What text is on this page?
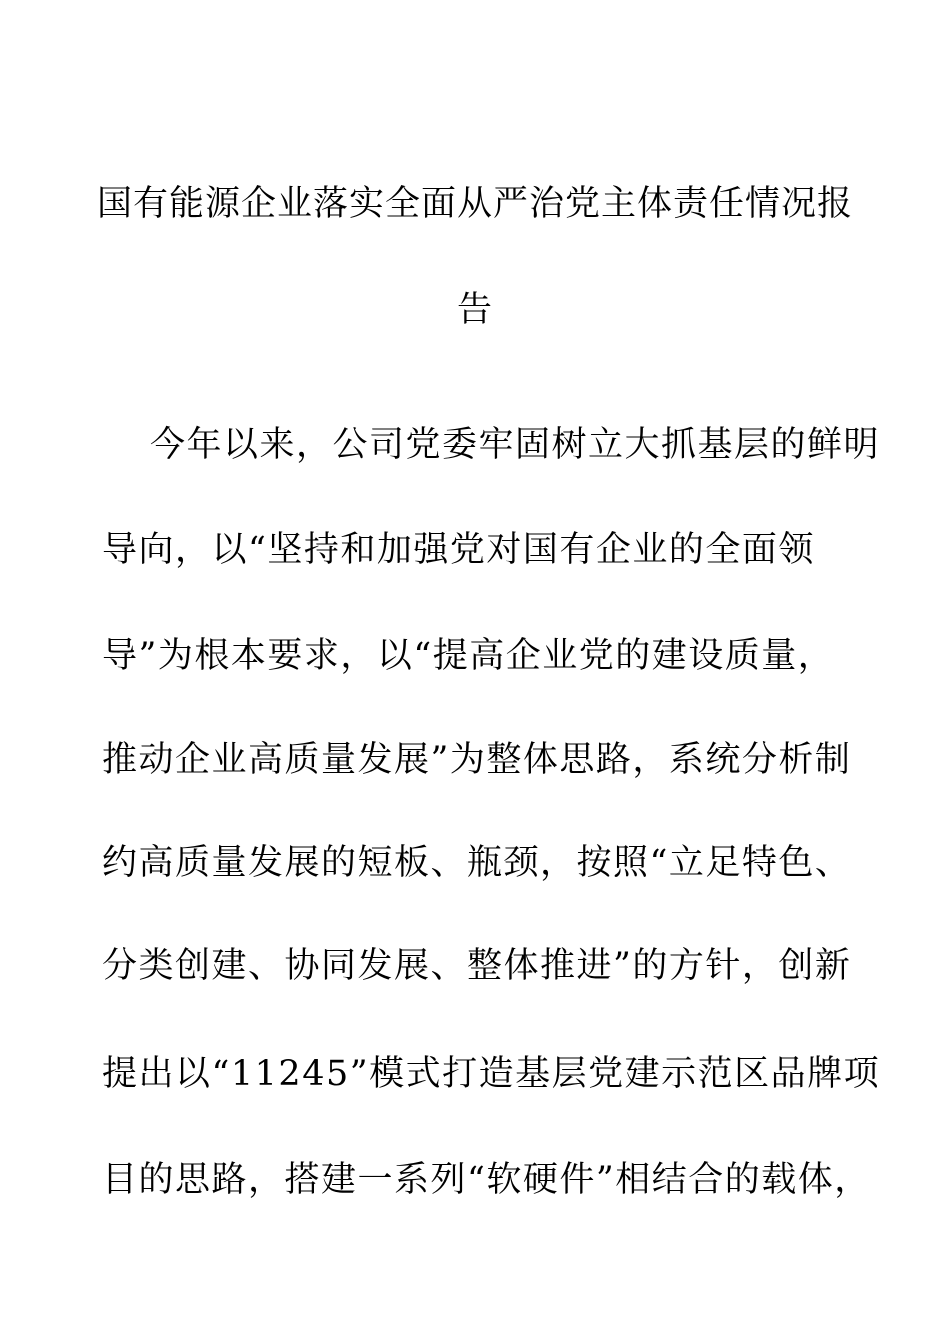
国有能源企业落实全面从严治党主体责任情况报
告
今年以来，公司党委牢固树立大抓基层的鲜明
导向，以“坚持和加强党对国有企业的全面领
导”为根本要求，以“提高企业党的建设质量，
推动企业高质量发展”为整体思路，系统分析制
约高质量发展的短板、瓶颈，按照“立足特色、
分类创建、协同发展、整体推进”的方针，创新
提出以“11245”模式打造基层党建示范区品牌项
目的思路，搭建一系列“软硬件”相结合的载体，
